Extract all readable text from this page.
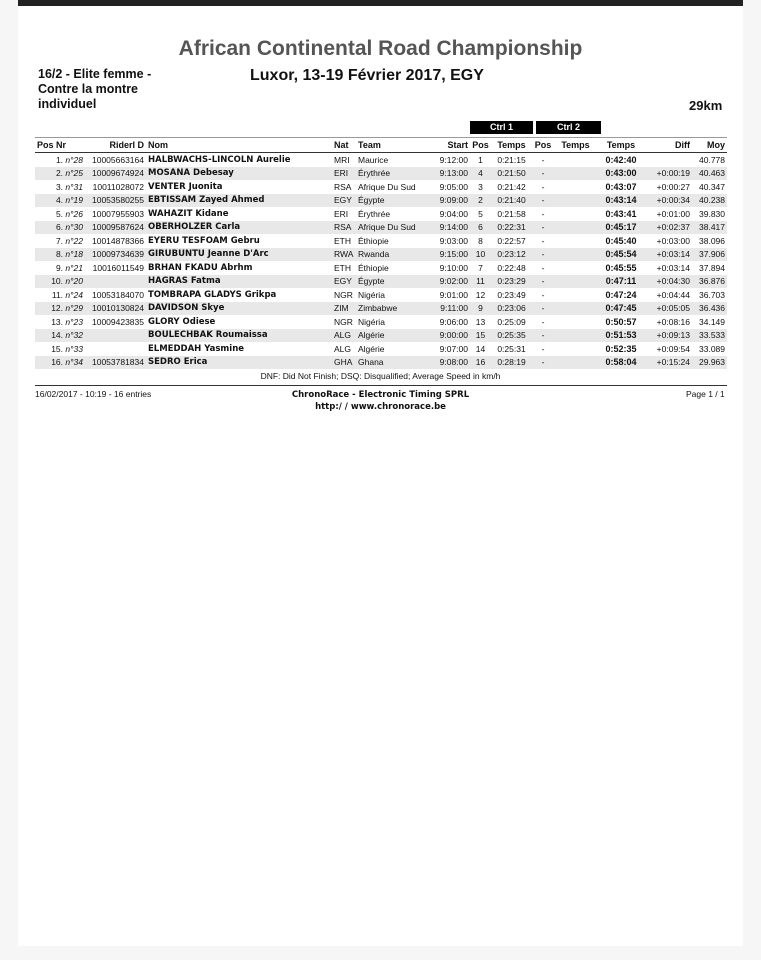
African Continental Road Championship
16/2 - Elite femme -
Contre la montre
individuel
Luxor, 13-19 Février 2017, EGY
29km
Ctrl 1	Ctrl 2
Pos Nr	RiderI D	Nom	Nat	Team	Start	Pos	Temps	Pos	Temps	Temps	Diff	Moy
1. n°28	10005663164	HALBWACHS-LINCOLN Aurelie	MRI	Maurice	9:12:00	1	0:21:15	-		0:42:40		40.778
2. n°25	10009674924	MOSANA Debesay	ERI	Érythrée	9:13:00	4	0:21:50	-		0:43:00	+0:00:19	40.463
3. n°31	10011028072	VENTER Juonita	RSA	Afrique Du Sud	9:05:00	3	0:21:42	-		0:43:07	+0:00:27	40.347
4. n°19	10053580255	EBTISSAM Zayed Ahmed	EGY	Égypte	9:09:00	2	0:21:40	-		0:43:14	+0:00:34	40.238
5. n°26	10007955903	WAHAZIT Kidane	ERI	Érythrée	9:04:00	5	0:21:58	-		0:43:41	+0:01:00	39.830
6. n°30	10009587624	OBERHOLZER Carla	RSA	Afrique Du Sud	9:14:00	6	0:22:31	-		0:45:17	+0:02:37	38.417
7. n°22	10014878366	EYERU TESFOAM Gebru	ETH	Éthiopie	9:03:00	8	0:22:57	-		0:45:40	+0:03:00	38.096
8. n°18	10009734639	GIRUBUNTU Jeanne D'Arc	RWA	Rwanda	9:15:00	10	0:23:12	-		0:45:54	+0:03:14	37.906
9. n°21	10016011549	BRHAN FKADU Abrhm	ETH	Éthiopie	9:10:00	7	0:22:48	-		0:45:55	+0:03:14	37.894
10. n°20		HAGRAS Fatma	EGY	Égypte	9:02:00	11	0:23:29	-		0:47:11	+0:04:30	36.876
11. n°24	10053184070	TOMBRAPA GLADYS Grikpa	NGR	Nigéria	9:01:00	12	0:23:49	-		0:47:24	+0:04:44	36.703
12. n°29	10010130824	DAVIDSON Skye	ZIM	Zimbabwe	9:11:00	9	0:23:06	-		0:47:45	+0:05:05	36.436
13. n°23	10009423835	GLORY Odiese	NGR	Nigéria	9:06:00	13	0:25:09	-		0:50:57	+0:08:16	34.149
14. n°32		BOULECHBAK Roumaissa	ALG	Algérie	9:00:00	15	0:25:35	-		0:51:53	+0:09:13	33.533
15. n°33		ELMEDDAH Yasmine	ALG	Algérie	9:07:00	14	0:25:31	-		0:52:35	+0:09:54	33.089
16. n°34	10053781834	SEDRO Erica	GHA	Ghana	9:08:00	16	0:28:19	-		0:58:04	+0:15:24	29.963
DNF: Did Not Finish; DSQ: Disqualified; Average Speed in km/h
16/02/2017 - 10:19 - 16 entries	ChronoRace - Electronic Timing SPRL
http:/ / www.chronorace.be
Page 1 / 1
